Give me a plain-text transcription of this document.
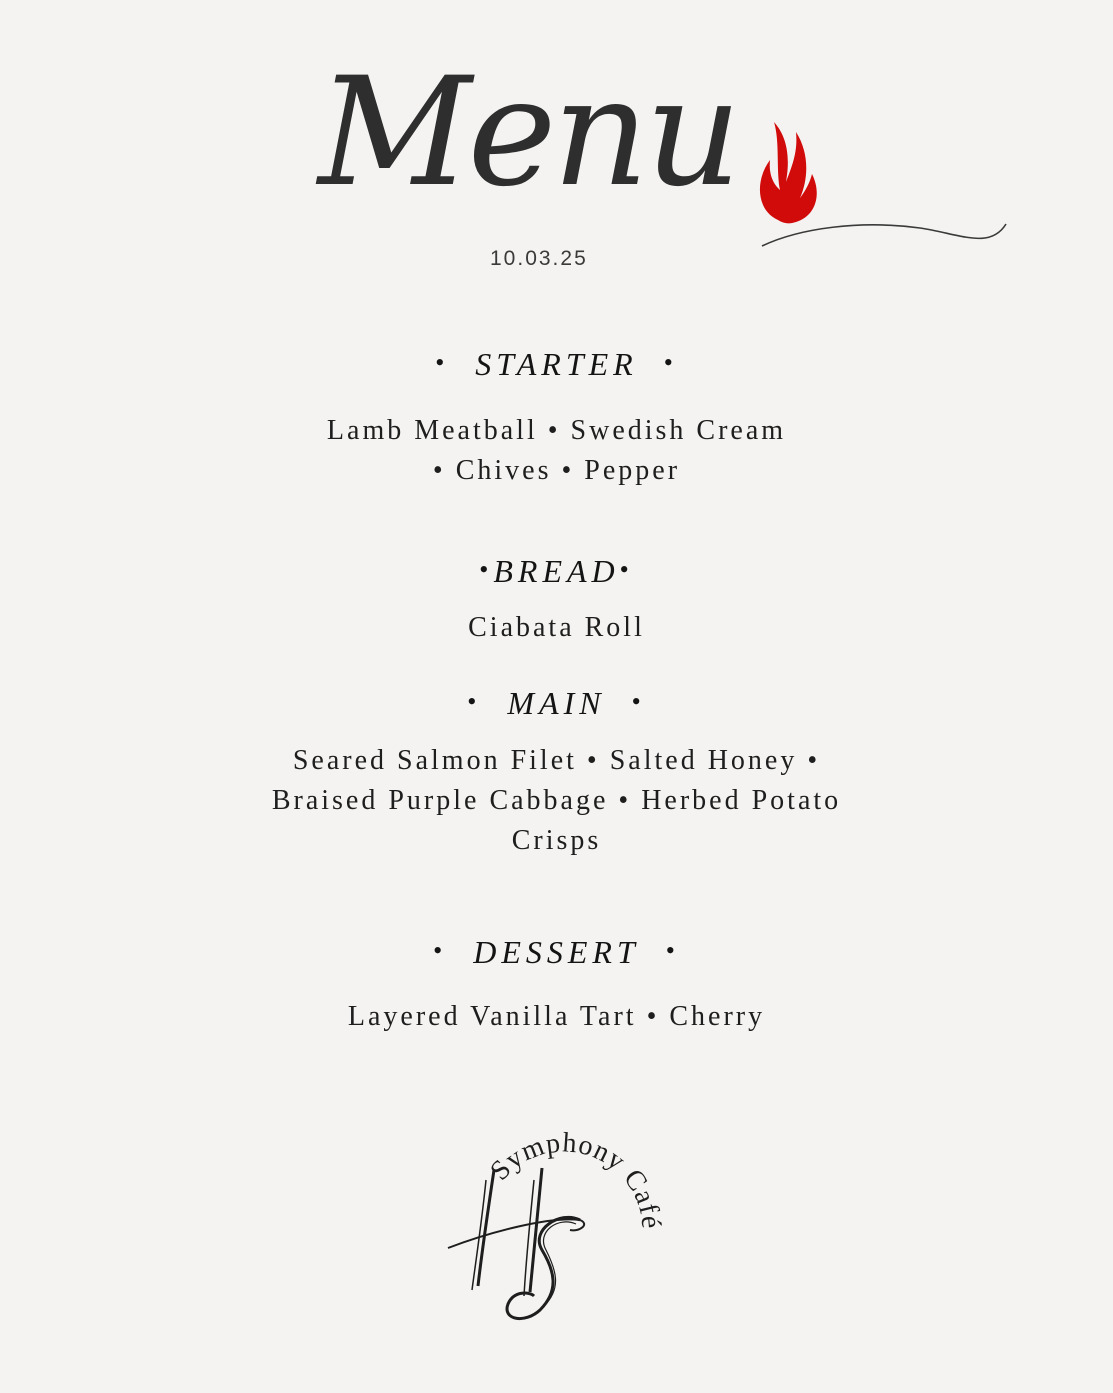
Menu
10.03.25
• STARTER •
Lamb Meatball • Swedish Cream
• Chives • Pepper
•BREAD•
Ciabata Roll
• MAIN •
Seared Salmon Filet • Salted Honey •
Braised Purple Cabbage • Herbed Potato
Crisps
• DESSERT •
Layered Vanilla Tart • Cherry
Symphony Café
